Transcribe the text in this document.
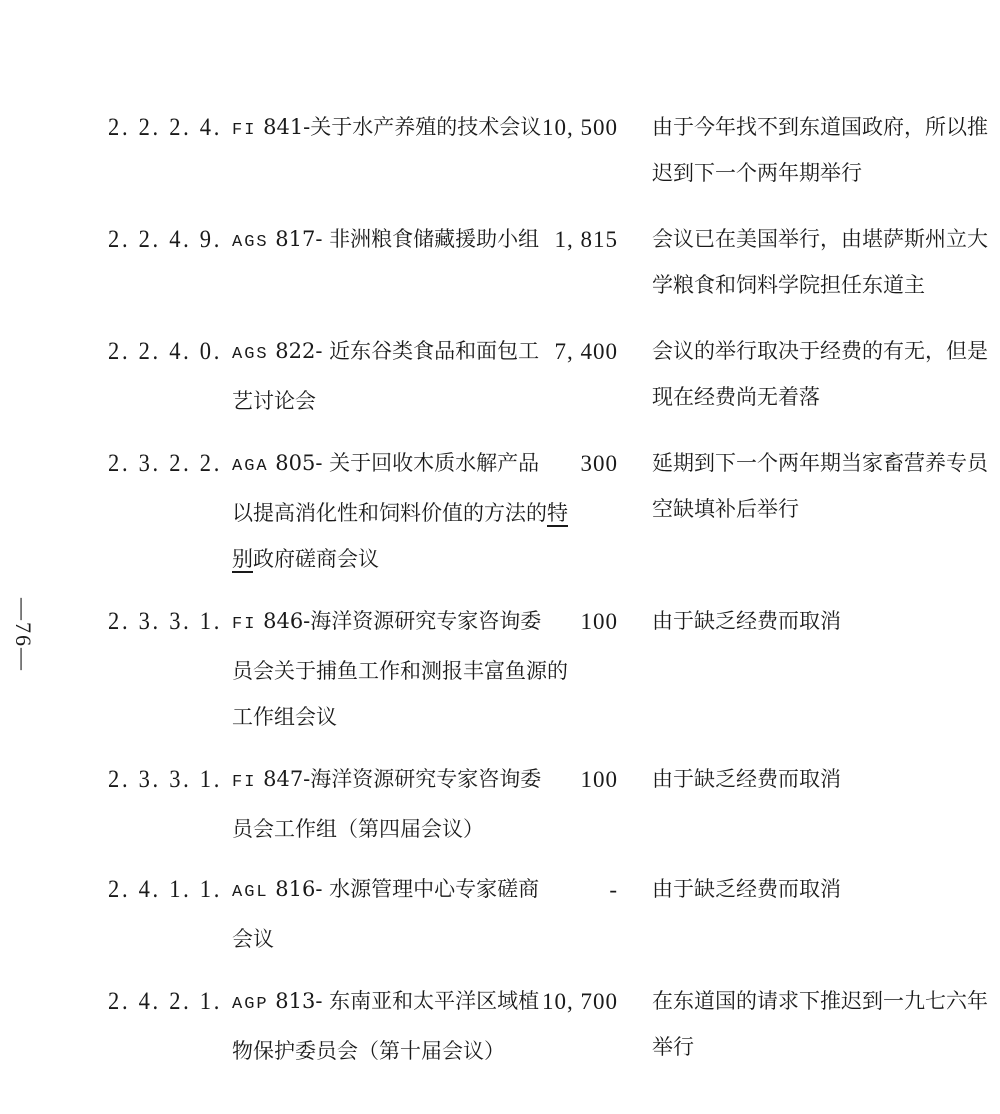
—76—
2. 2. 2. 4. FI 841-关于水产养殖的技术会议 10, 500 由于今年找不到东道国政府，所以推
迟到下一个两年期举行
2. 2. 4. 9. AGS 817- 非洲粮食储藏援助小组 1, 815 会议已在美国举行，由堪萨斯州立大
学粮食和饲料学院担任东道主
2. 2. 4. 0. AGS 822- 近东谷类食品和面包工
艺讨论会
7, 400 会议的举行取决于经费的有无，但是
现在经费尚无着落
2. 3. 2. 2. AGA 805- 关于回收木质水解产品
以提高消化性和饲料价值的方法的特
别政府磋商会议
300 延期到下一个两年期当家畜营养专员
空缺填补后举行
2. 3. 3. 1. FI 846-海洋资源研究专家咨询委
员会关于捕鱼工作和测报丰富鱼源的
工作组会议
100 由于缺乏经费而取消
2. 3. 3. 1. FI 847-海洋资源研究专家咨询委
员会工作组（第四届会议）
100 由于缺乏经费而取消
2. 4. 1. 1. AGL 816- 水源管理中心专家磋商
会议
- 由于缺乏经费而取消
2. 4. 2. 1. AGP 813- 东南亚和太平洋区域植
物保护委员会（第十届会议）
10, 700 在东道国的请求下推迟到一九七六年
举行
